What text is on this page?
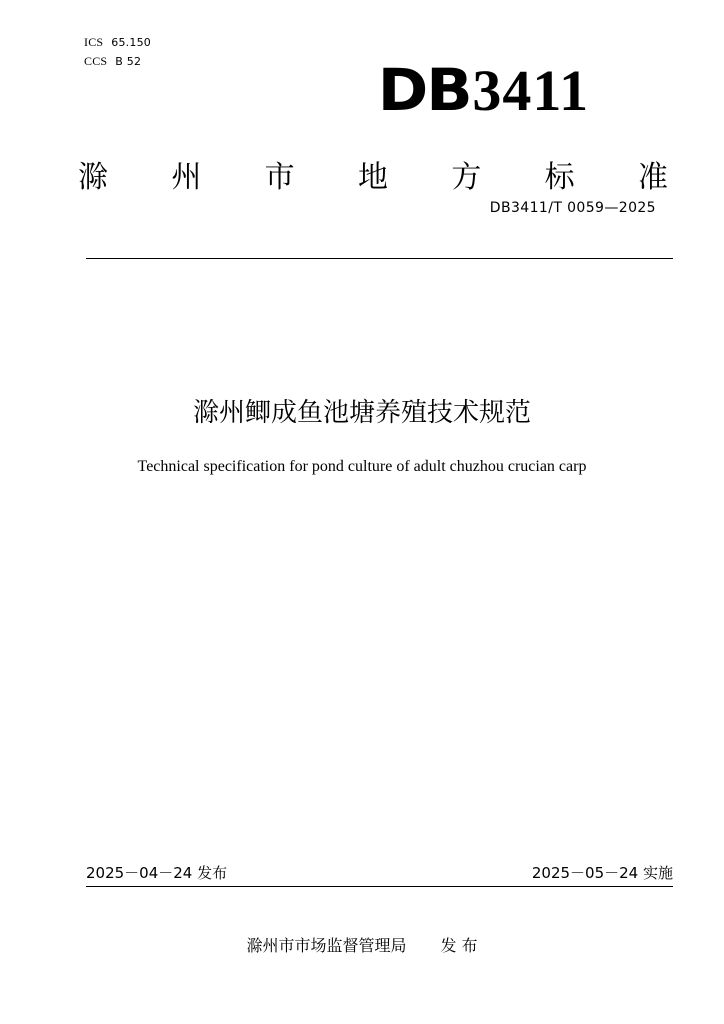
ICS 65.150
CCS B 52	DB3411
滁 州 市 地 方 标 准
DB3411/T 0059—2025
滁州鲫成鱼池塘养殖技术规范
Technical specification for pond culture of adult chuzhou crucian carp
2025－04－24 发布	2025－05－24 实施
滁州市市场监督管理局 发 布
